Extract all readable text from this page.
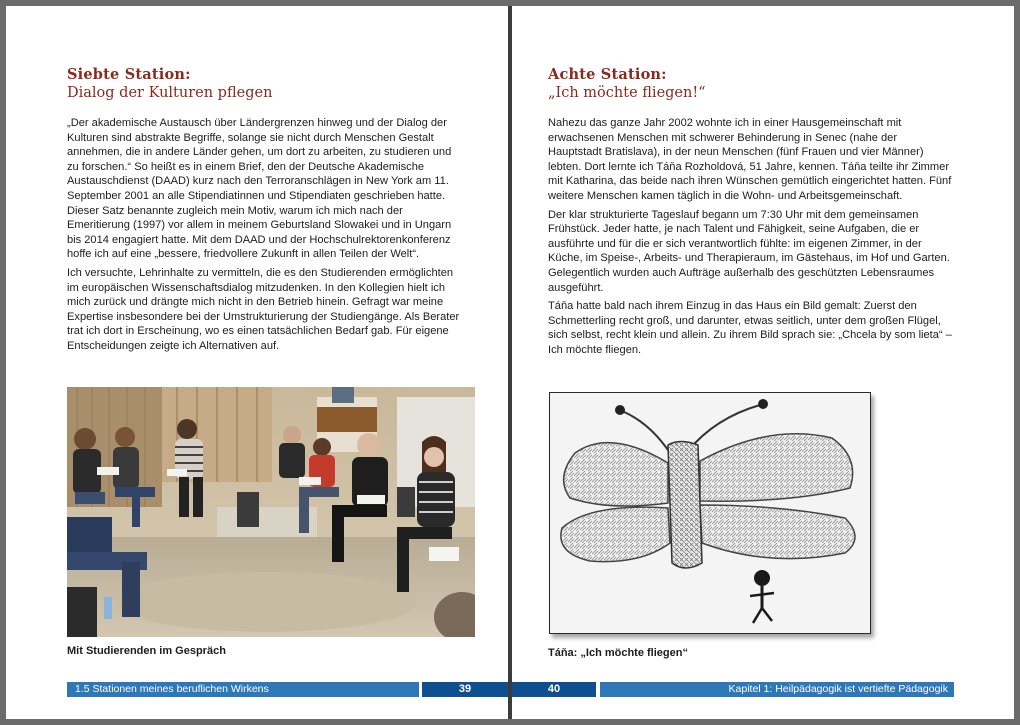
Siebte Station:
Dialog der Kulturen pflegen

„Der akademische Austausch über Ländergrenzen hinweg und der Dialog der Kulturen sind abstrakte Begriffe, solange sie nicht durch Menschen Gestalt annehmen, die in andere Länder gehen, um dort zu arbeiten, zu studieren und zu forschen.“ So heißt es in einem Brief, den der Deutsche Akademische Austauschdienst (DAAD) kurz nach den Terroranschlägen in New York am 11. September 2001 an alle Stipendiatinnen und Stipendiaten geschrieben hatte. Dieser Satz benannte zugleich mein Motiv, warum ich mich nach der Emeritierung (1997) vor allem in meinem Geburtsland Slowakei und in Ungarn bis 2014 engagiert hatte. Mit dem DAAD und der Hochschulrektorenkonferenz hoffe ich auf eine „bessere, friedvollere Zukunft in allen Teilen der Welt“.

Ich versuchte, Lehrinhalte zu vermitteln, die es den Studierenden ermöglichten im europäischen Wissenschaftsdialog mitzudenken. In den Kollegien hielt ich mich zurück und drängte mich nicht in den Betrieb hinein. Gefragt war meine Expertise insbesondere bei der Umstrukturierung der Studiengänge. Als Berater trat ich dort in Erscheinung, wo es einen tatsächlichen Bedarf gab. Für eigene Entscheidungen zeigte ich Alternativen auf.

Mit Studierenden im Gespräch
1.5 Stationen meines beruflichen Wirkens	39
Achte Station:
„Ich möchte fliegen!“

Nahezu das ganze Jahr 2002 wohnte ich in einer Hausgemeinschaft mit erwachsenen Menschen mit schwerer Behinderung in Senec (nahe der Hauptstadt Bratislava), in der neun Menschen (fünf Frauen und vier Männer) lebten. Dort lernte ich Táňa Rozholdová, 51 Jahre, kennen. Táňa teilte ihr Zimmer mit Katharina, das beide nach ihren Wünschen gemütlich eingerichtet hatten. Fünf weitere Menschen kamen täglich in die Wohn- und Arbeitsgemeinschaft.

Der klar strukturierte Tageslauf begann um 7:30 Uhr mit dem gemeinsamen Frühstück. Jeder hatte, je nach Talent und Fähigkeit, seine Aufgaben, die er ausführte und für die er sich verantwortlich fühlte: im eigenen Zimmer, in der Küche, im Speise-, Arbeits- und Therapieraum, im Gästehaus, im Hof und Garten. Gelegentlich wurden auch Aufträge außerhalb des geschützten Lebensraumes ausgeführt.

Táňa hatte bald nach ihrem Einzug in das Haus ein Bild gemalt: Zuerst den Schmetterling recht groß, und darunter, etwas seitlich, unter dem großen Flügel, sich selbst, recht klein und allein. Zu ihrem Bild sprach sie: „Chcela by som lieta“ – Ich möchte fliegen.

Táňa: „Ich möchte fliegen“
40	Kapitel 1: Heilpädagogik ist vertiefte Pädagogik
